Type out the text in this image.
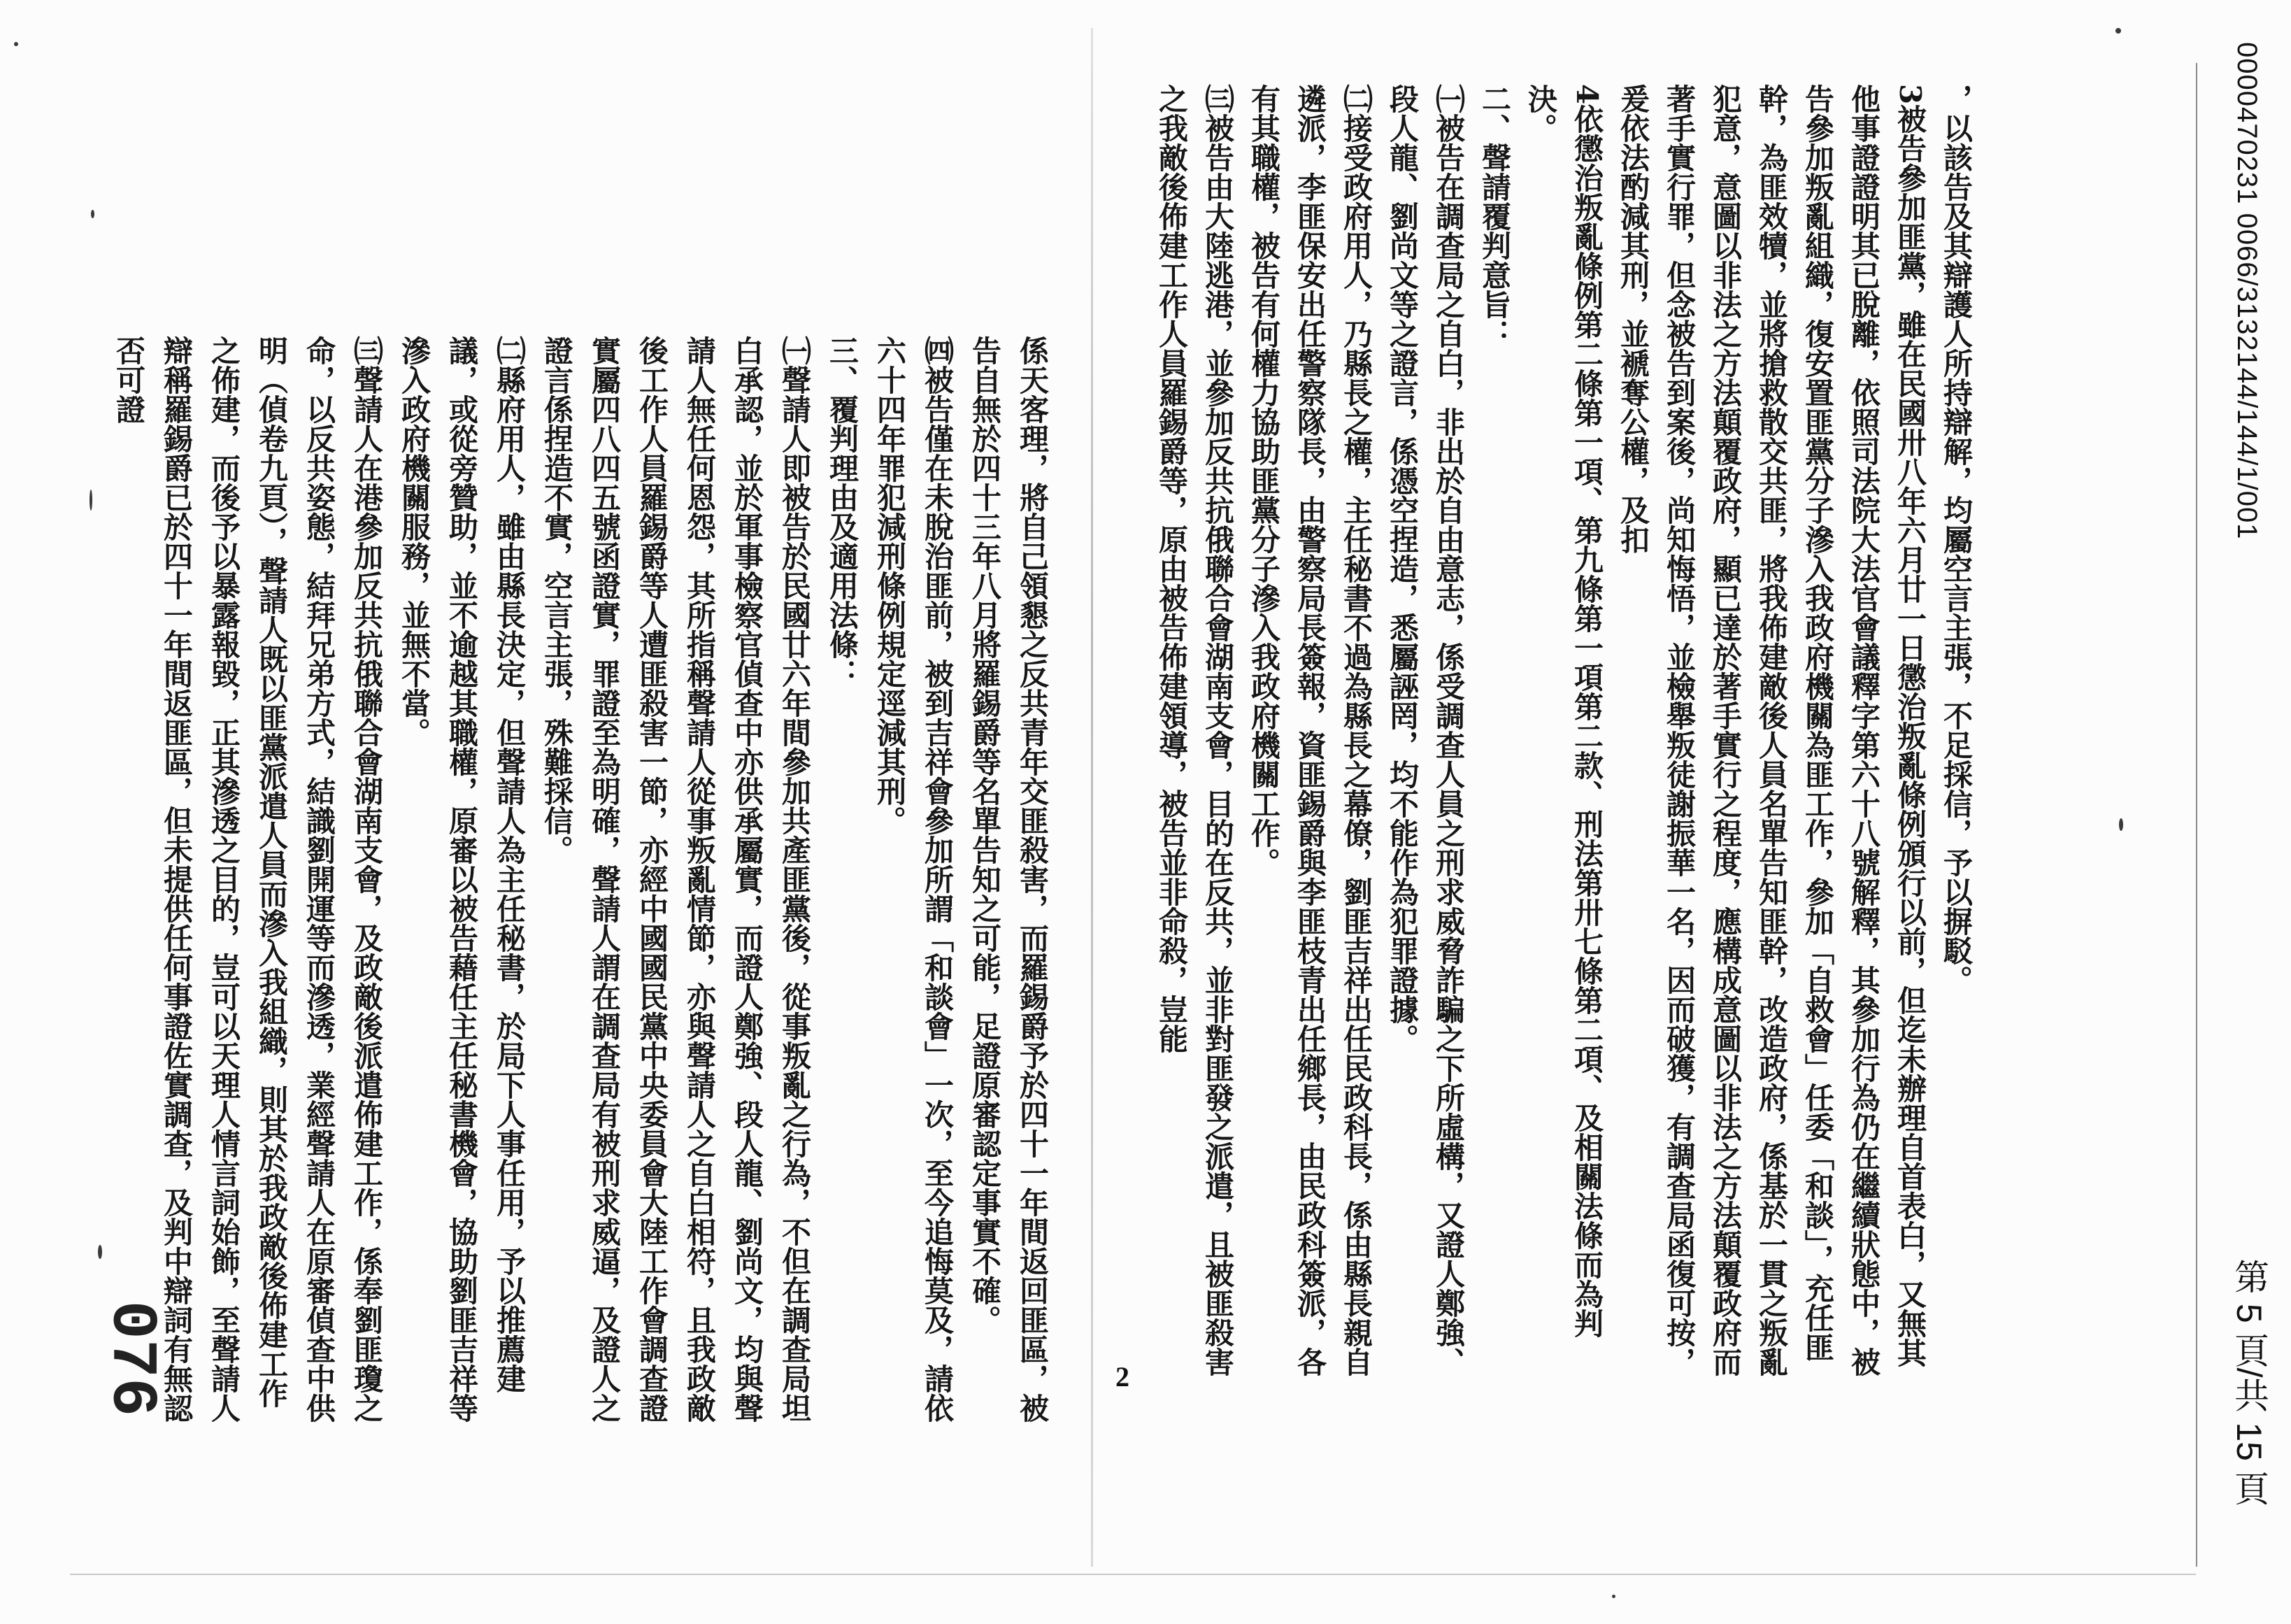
0000470231 0066/3132144/144/1/001
第 5 頁/共 15 頁
，以該告及其辯護人所持辯解，均屬空言主張，不足採信，予以摒駁。
3被告參加匪黨，雖在民國卅八年六月廿一日懲治叛亂條例頒行以前，但迄未辦理自首表白，又無其他事證證明其已脫離，依照司法院大法官會議釋字第六十八號解釋，其參加行為仍在繼續狀態中，被告參加叛亂組織，復安置匪黨分子滲入我政府機關為匪工作，參加「自救會」任委「和談」，充任匪幹，為匪效犢，並將搶救散交共匪，將我佈建敵後人員名單告知匪幹，改造政府，係基於一貫之叛亂犯意，意圖以非法之方法顛覆政府，顯已達於著手實行之程度，應構成意圖以非法之方法顛覆政府而著手實行罪，但念被告到案後，尚知悔悟，並檢舉叛徒謝振華一名，因而破獲，有調查局函復可按，爰依法酌減其刑，並褫奪公權，及扣
4依懲治叛亂條例第二條第一項、第九條第一項第二款、刑法第卅七條第二項、及相關法條而為判決。
二、聲請覆判意旨：
㈠被告在調查局之自白，非出於自由意志，係受調查人員之刑求威脅詐騙之下所虛構，又證人鄭強、段人龍、劉尚文等之證言，係憑空捏造，悉屬誣罔，均不能作為犯罪證據。
㈡接受政府用人，乃縣長之權，主任秘書不過為縣長之幕僚，劉匪吉祥出任民政科長，係由縣長親自遴派，李匪保安出任警察隊長，由警察局長簽報，資匪錫爵與李匪枝青出任鄉長，由民政科簽派，各有其職權，被告有何權力協助匪黨分子滲入我政府機關工作。
㈢被告由大陸逃港，並參加反共抗俄聯合會湖南支會，目的在反共，並非對匪發之派遣，且被匪殺害之我敵後佈建工作人員羅錫爵等，原由被告佈建領導，被告並非命殺，豈能
係天客理，將自己領懇之反共青年交匪殺害，而羅錫爵予於四十一年間返回匪區，被告自無於四十三年八月將羅錫爵等名單告知之可能，足證原審認定事實不確。
㈣被告僅在未脫治匪前，被到吉祥會參加所謂「和談會」一次，至今追悔莫及，請依六十四年罪犯減刑條例規定逕減其刑。
三、覆判理由及適用法條：
㈠聲請人即被告於民國廿六年間參加共產匪黨後，從事叛亂之行為，不但在調查局坦白承認，並於軍事檢察官偵查中亦供承屬實，而證人鄭強、段人龍、劉尚文，均與聲請人無任何恩怨，其所指稱聲請人從事叛亂情節，亦與聲請人之自白相符，且我政敵後工作人員羅錫爵等人遭匪殺害一節，亦經中國國民黨中央委員會大陸工作會調查證實屬四八四五號函證實，罪證至為明確，聲請人謂在調查局有被刑求威逼，及證人之證言係捏造不實，空言主張，殊難採信。
㈡縣府用人，雖由縣長決定，但聲請人為主任秘書，於局下人事任用，予以推薦建議，或從旁贊助，並不逾越其職權，原審以被告藉任主任秘書機會，協助劉匪吉祥等滲入政府機關服務，並無不當。
㈢聲請人在港參加反共抗俄聯合會湖南支會，及政敵後派遣佈建工作，係奉劉匪瓊之命，以反共姿態，結拜兄弟方式，結識劉開運等而滲透，業經聲請人在原審偵查中供明（偵卷九頁），聲請人既以匪黨派遣人員而滲入我組織，則其於我政敵後佈建工作之佈建，而後予以暴露報毀，正其滲透之目的，豈可以天理人情言詞始飾，至聲請人辯稱羅錫爵已於四十一年間返匪區，但未提供任何事證佐實調查，及判中辯詞有無認否可證
2
076
